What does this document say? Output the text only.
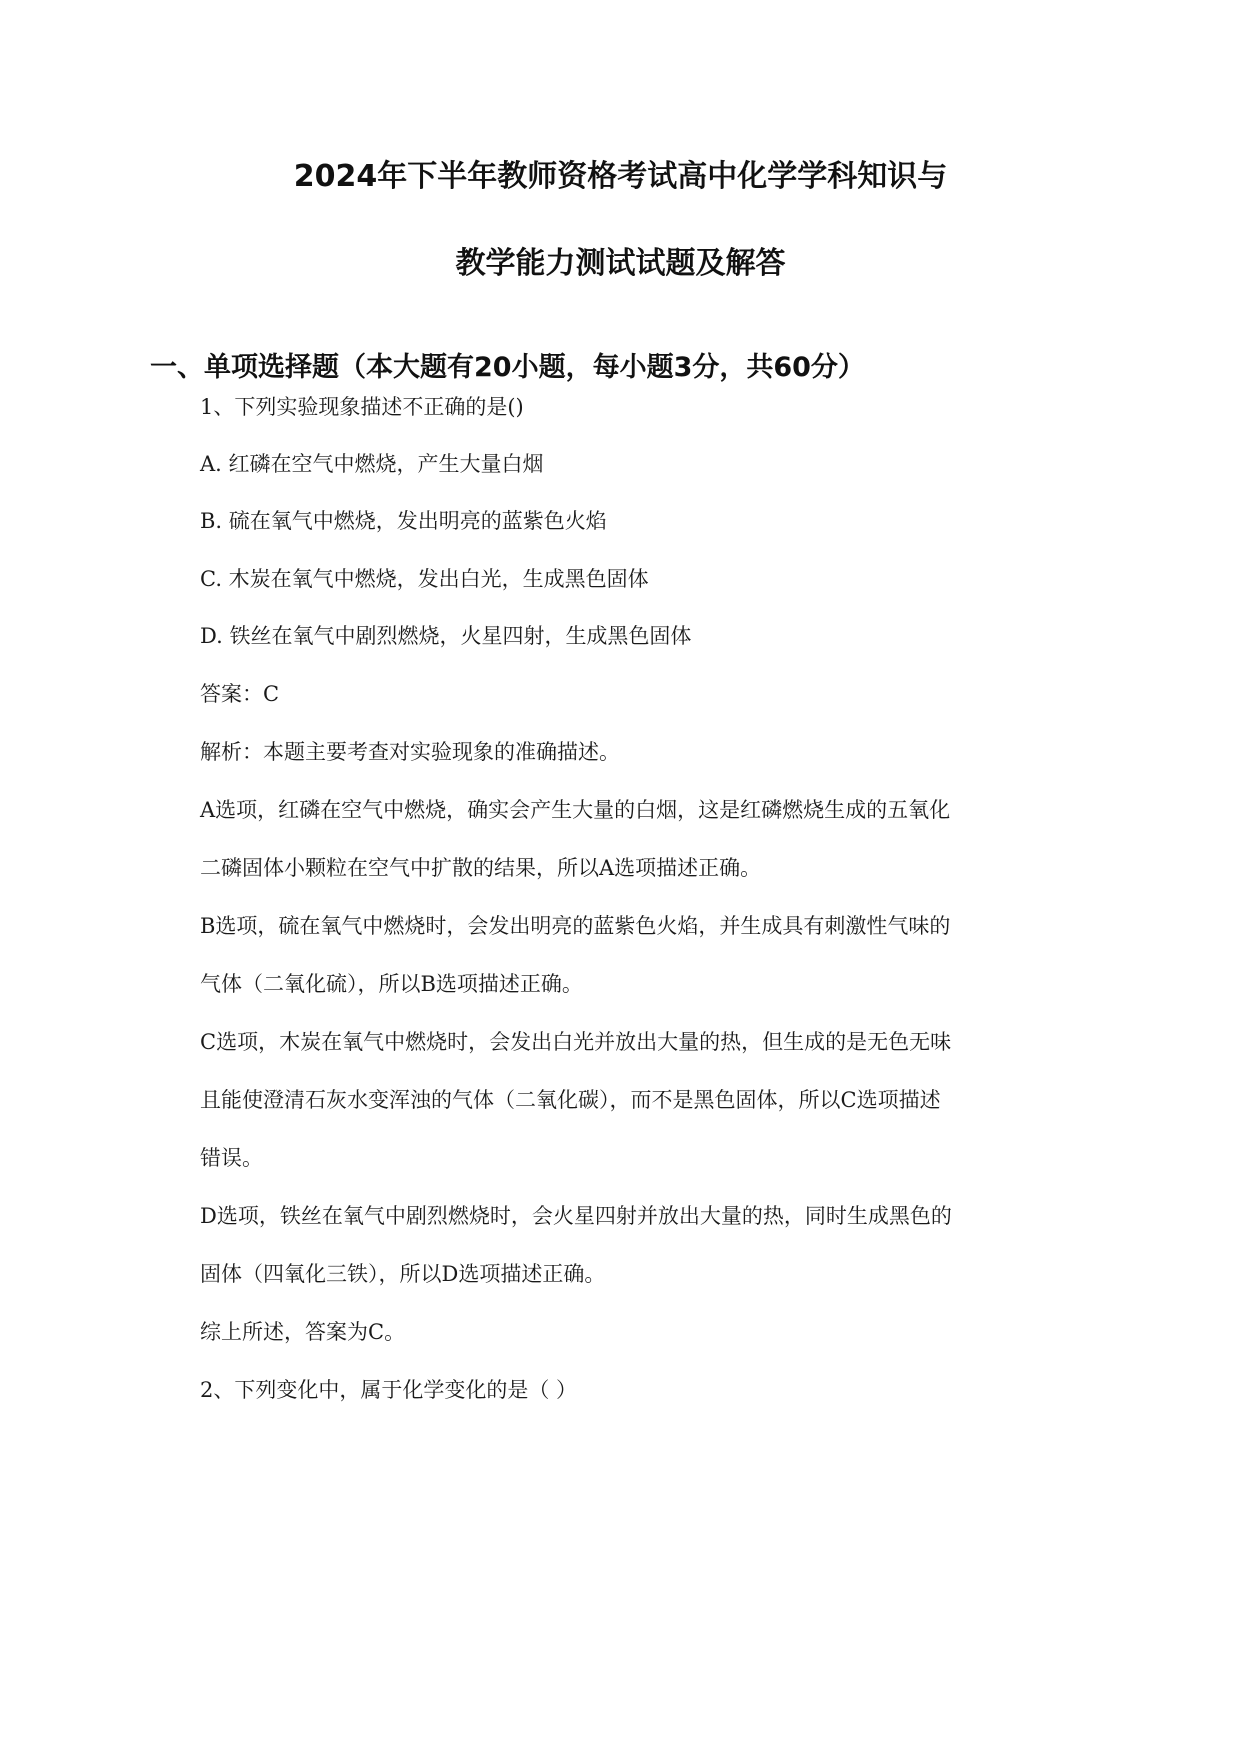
2024年下半年教师资格考试高中化学学科知识与
教学能力测试试题及解答
一、单项选择题（本大题有20小题，每小题3分，共60分）
1、下列实验现象描述不正确的是()
A. 红磷在空气中燃烧，产生大量白烟
B. 硫在氧气中燃烧，发出明亮的蓝紫色火焰
C. 木炭在氧气中燃烧，发出白光，生成黑色固体
D. 铁丝在氧气中剧烈燃烧，火星四射，生成黑色固体
答案：C
解析：本题主要考查对实验现象的准确描述。
A选项，红磷在空气中燃烧，确实会产生大量的白烟，这是红磷燃烧生成的五氧化
二磷固体小颗粒在空气中扩散的结果，所以A选项描述正确。
B选项，硫在氧气中燃烧时，会发出明亮的蓝紫色火焰，并生成具有刺激性气味的
气体（二氧化硫），所以B选项描述正确。
C选项，木炭在氧气中燃烧时，会发出白光并放出大量的热，但生成的是无色无味
且能使澄清石灰水变浑浊的气体（二氧化碳），而不是黑色固体，所以C选项描述
错误。
D选项，铁丝在氧气中剧烈燃烧时，会火星四射并放出大量的热，同时生成黑色的
固体（四氧化三铁），所以D选项描述正确。
综上所述，答案为C。
2、下列变化中，属于化学变化的是（ ）
